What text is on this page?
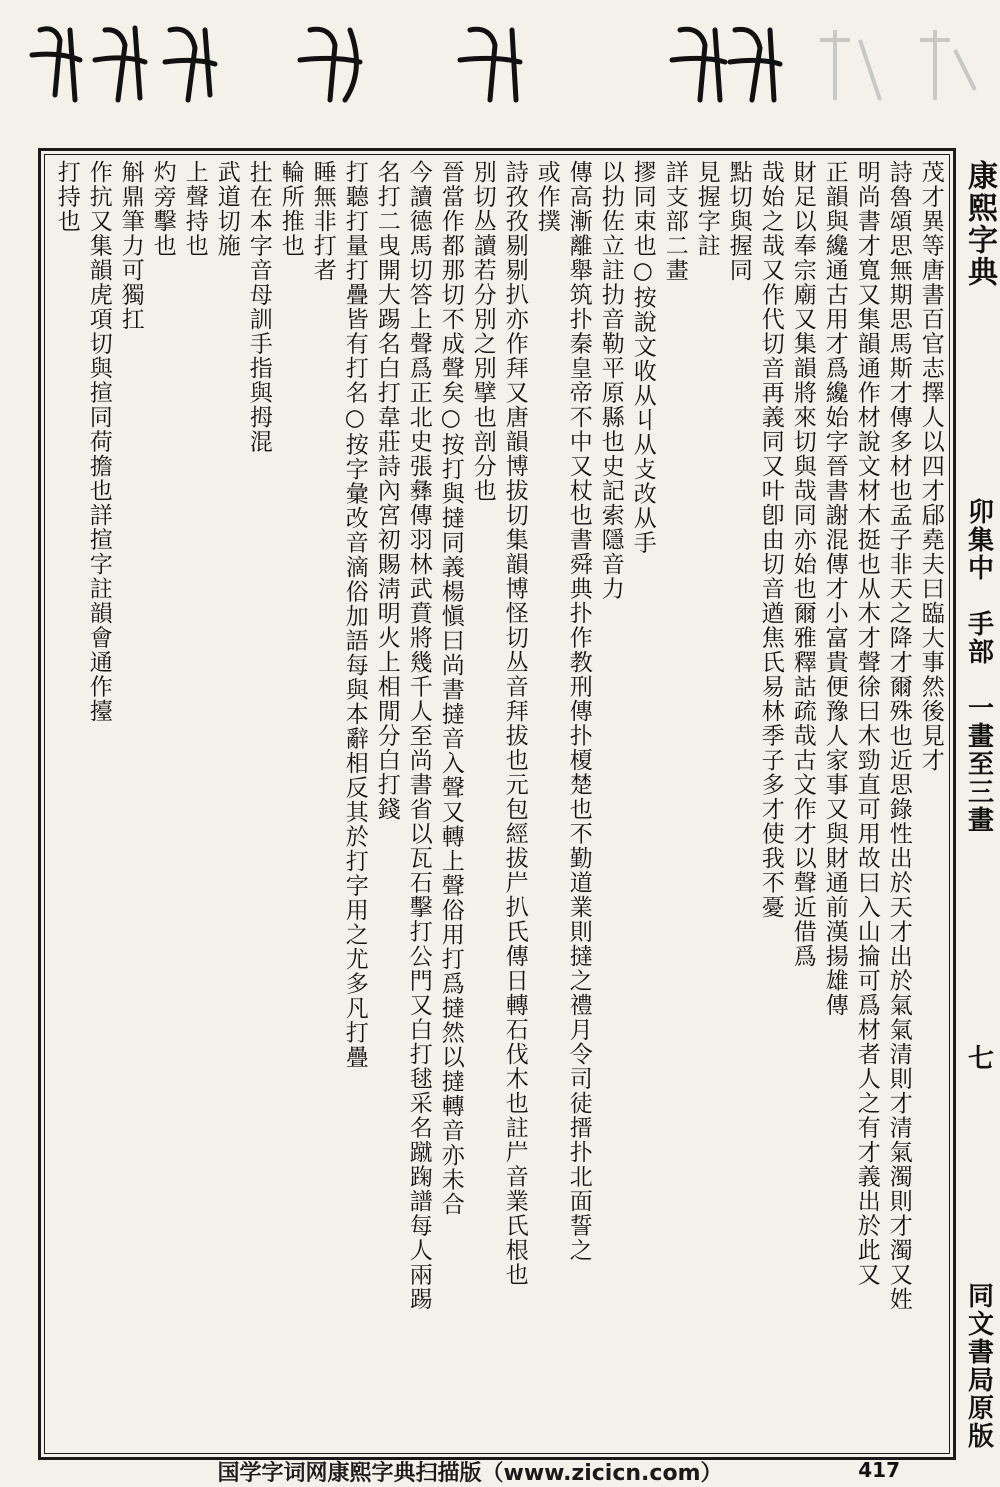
康熙字典
卯集中　手部　一畫至三畫
七
同文書局原版
茂才異等唐書百官志擇人以四才郈堯夫曰臨大事然後見才
詩魯頌思無期思馬斯才傳多材也孟子非天之降才爾殊也近思錄性出於天才出於氣氣清則才清氣濁則才濁又姓
明尚書才寬又集韻通作材說文材木挺也从木才聲徐曰木勁直可用故曰入山掄可爲材者人之有才義出於此又
正韻與纔通古用才爲纔始字晉書謝混傳才小富貴便豫人家事又與財通前漢揚雄傳
財足以奉宗廟又集韻將來切與哉同亦始也爾雅釋詁疏哉古文作才以聲近借爲
哉始之哉又作代切音再義同又叶卽由切音遒焦氏易林季子多才使我不憂
點切與握同
見握字註
詳支部二畫
摎同束也○按說文收从丩从攴改从手
以扐佐立註扐音勒平原縣也史記索隱音力
傳高漸離舉筑扑秦皇帝不中又杖也書舜典扑作教刑傳扑榎楚也不勤道業則撻之禮月令司徒搢扑北面誓之
或作撲
詩孜孜剔剔扒亦作拜又唐韻博拔切集韻博怪切丛音拜拔也元包經拔屵扒氏傳日轉石伐木也註屵音業氏根也
別切丛讀若分別之別擘也剖分也
晉當作都那切不成聲矣○按打與撻同義楊愼曰尚書撻音入聲又轉上聲俗用打爲撻然以撻轉音亦未合
今讀德馬切答上聲爲正北史張彝傳羽林武賁將幾千人至尚書省以瓦石擊打公門又白打毬采名蹴踘譜每人兩踢
名打二曳開大踢名白打韋莊詩內宮初賜淸明火上相閒分白打錢
打聽打量打疊皆有打名○按字彙改音滴俗加語每與本辭相反其於打字用之尤多凡打疊
睡無非打者
輪所推也
扗在本字音母訓手指與拇混
武道切施
上聲持也
灼旁擊也
斛鼎筆力可獨扛
作抗又集韻虎項切與揎同荷擔也詳揎字註韻會通作擡
打持也
国学字词网康熙字典扫描版（www.zicicn.com）	417
